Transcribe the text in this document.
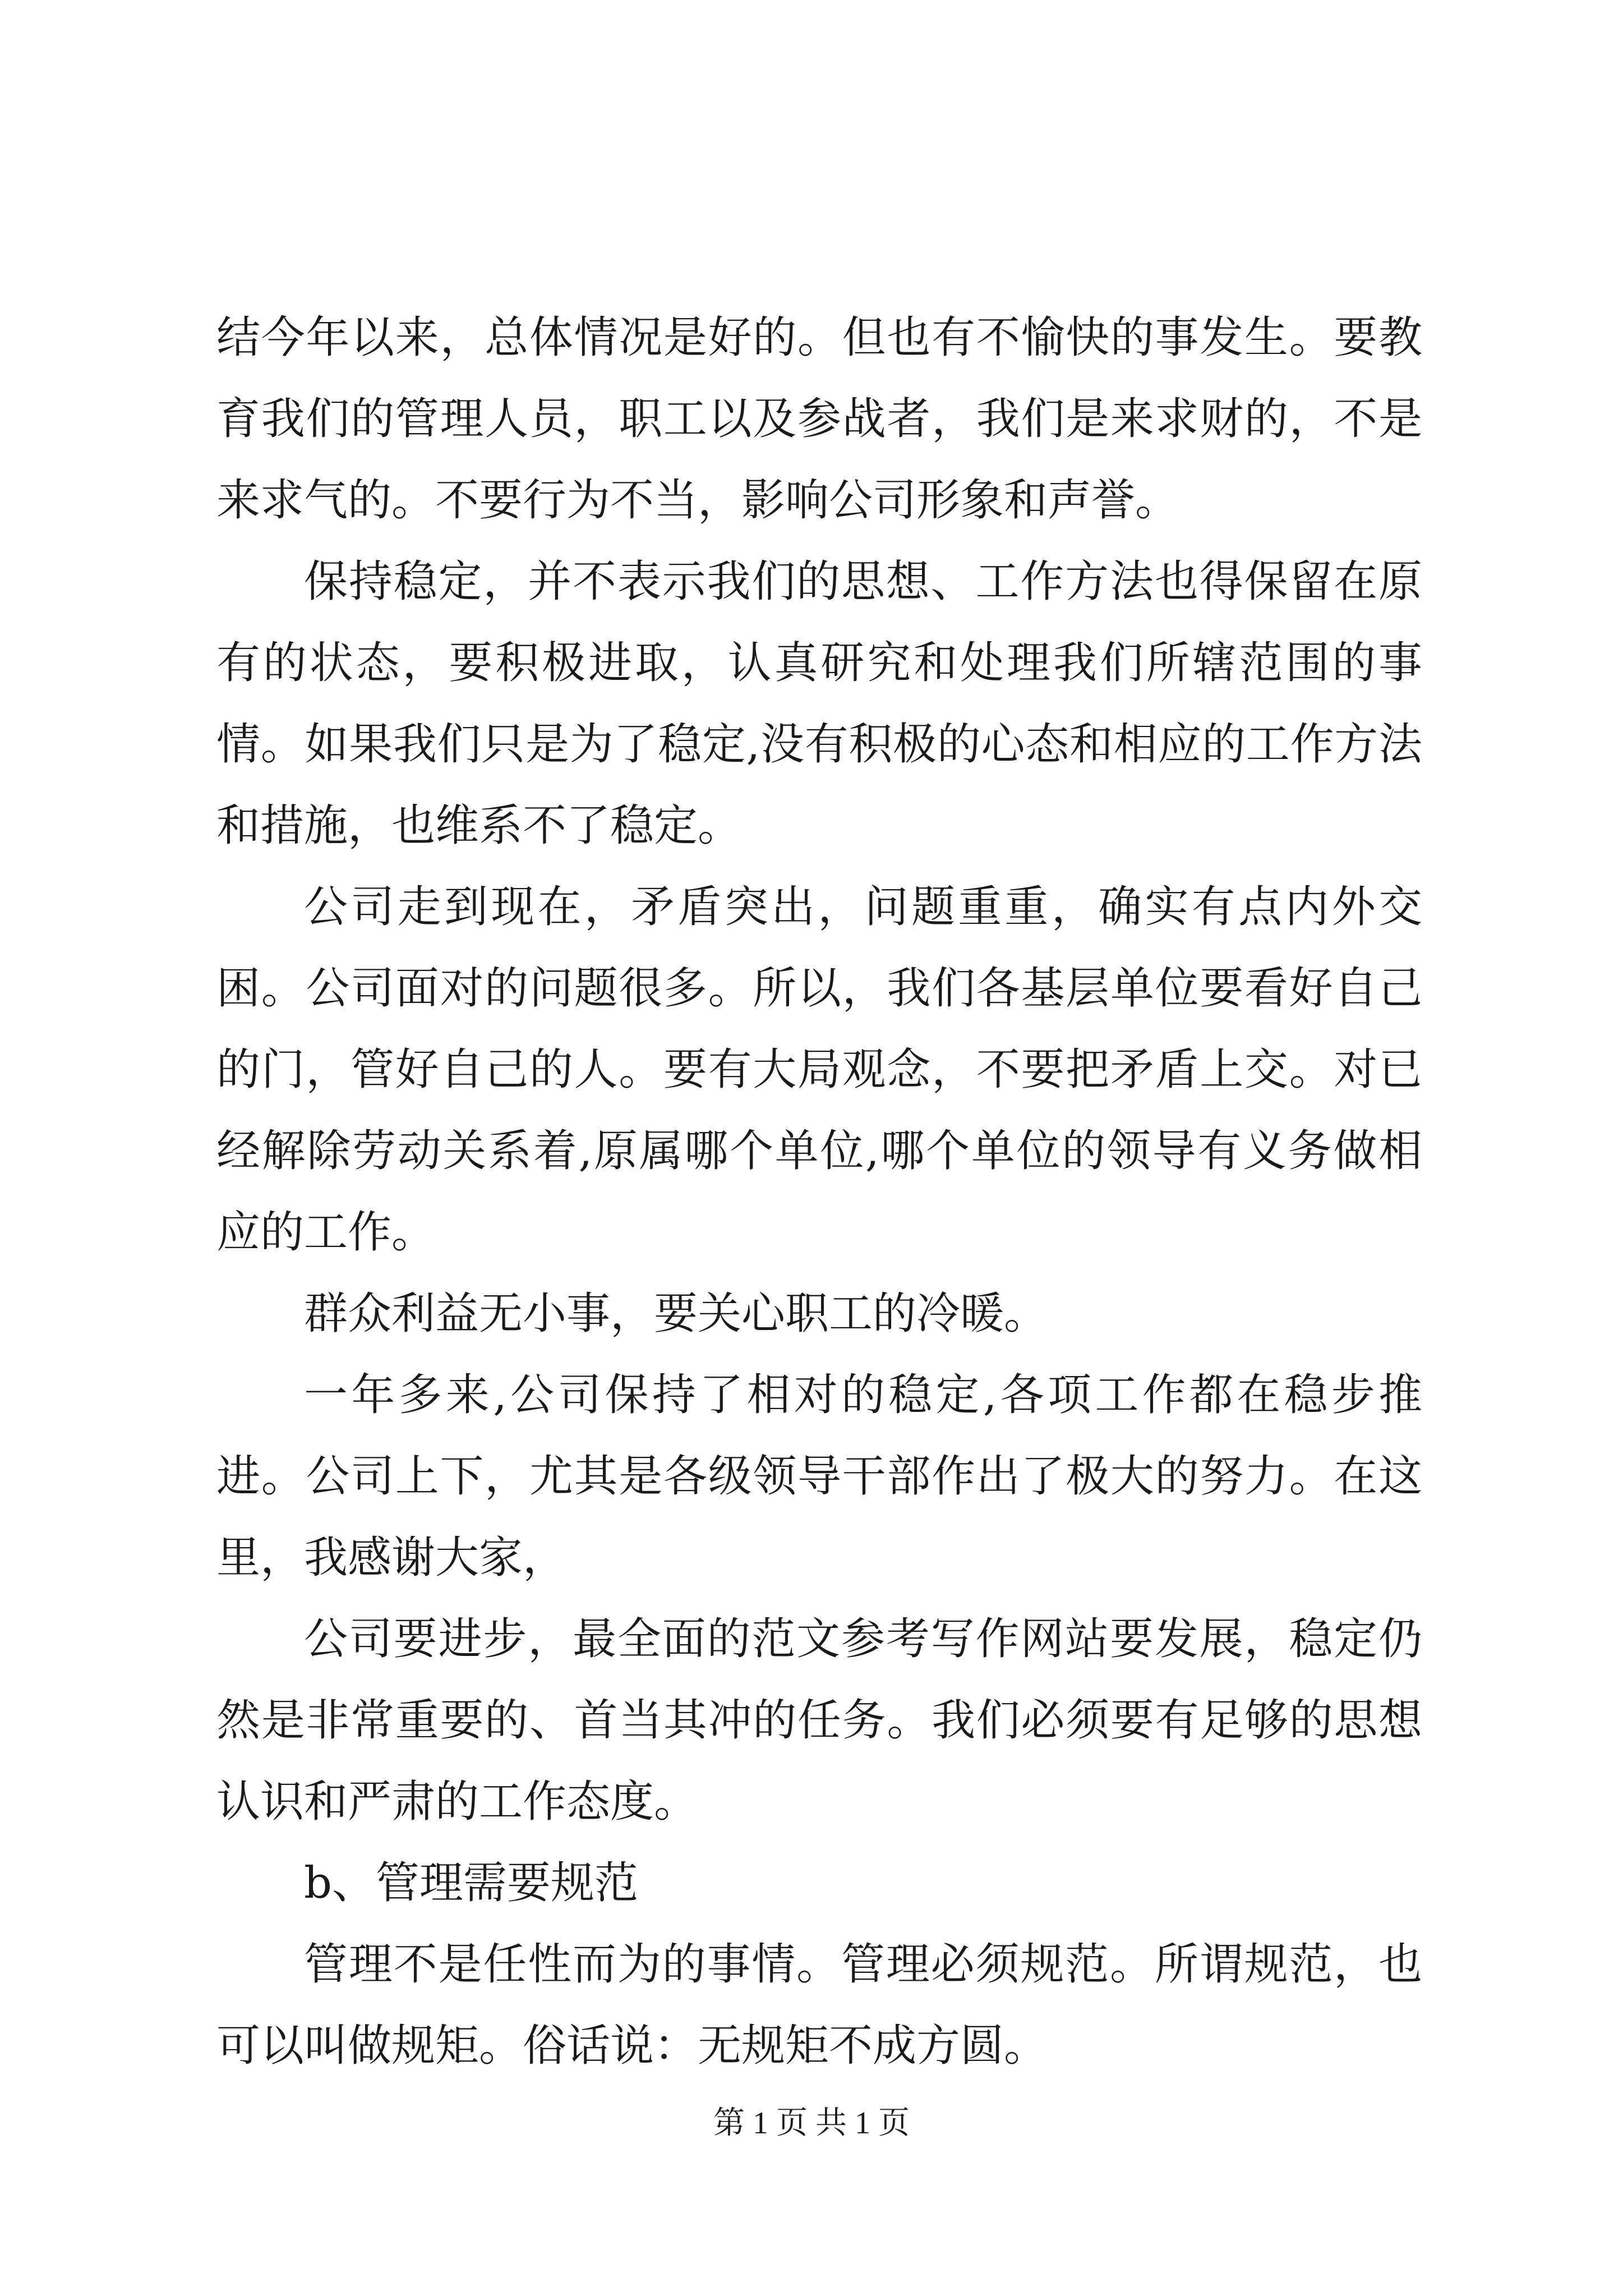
结今年以来，总体情况是好的。但也有不愉快的事发生。要教育我们的管理人员，职工以及参战者，我们是来求财的，不是来求气的。不要行为不当，影响公司形象和声誉。

保持稳定，并不表示我们的思想、工作方法也得保留在原有的状态，要积极进取，认真研究和处理我们所辖范围的事情。如果我们只是为了稳定,没有积极的心态和相应的工作方法和措施，也维系不了稳定。

公司走到现在，矛盾突出，问题重重，确实有点内外交困。公司面对的问题很多。所以，我们各基层单位要看好自己的门，管好自己的人。要有大局观念，不要把矛盾上交。对已经解除劳动关系着,原属哪个单位,哪个单位的领导有义务做相应的工作。

群众利益无小事，要关心职工的冷暖。

一年多来,公司保持了相对的稳定,各项工作都在稳步推进。公司上下，尤其是各级领导干部作出了极大的努力。在这里，我感谢大家，

公司要进步，最全面的范文参考写作网站要发展，稳定仍然是非常重要的、首当其冲的任务。我们必须要有足够的思想认识和严肃的工作态度。

b、管理需要规范

管理不是任性而为的事情。管理必须规范。所谓规范，也可以叫做规矩。俗话说：无规矩不成方圆。

第 1 页 共 1 页
